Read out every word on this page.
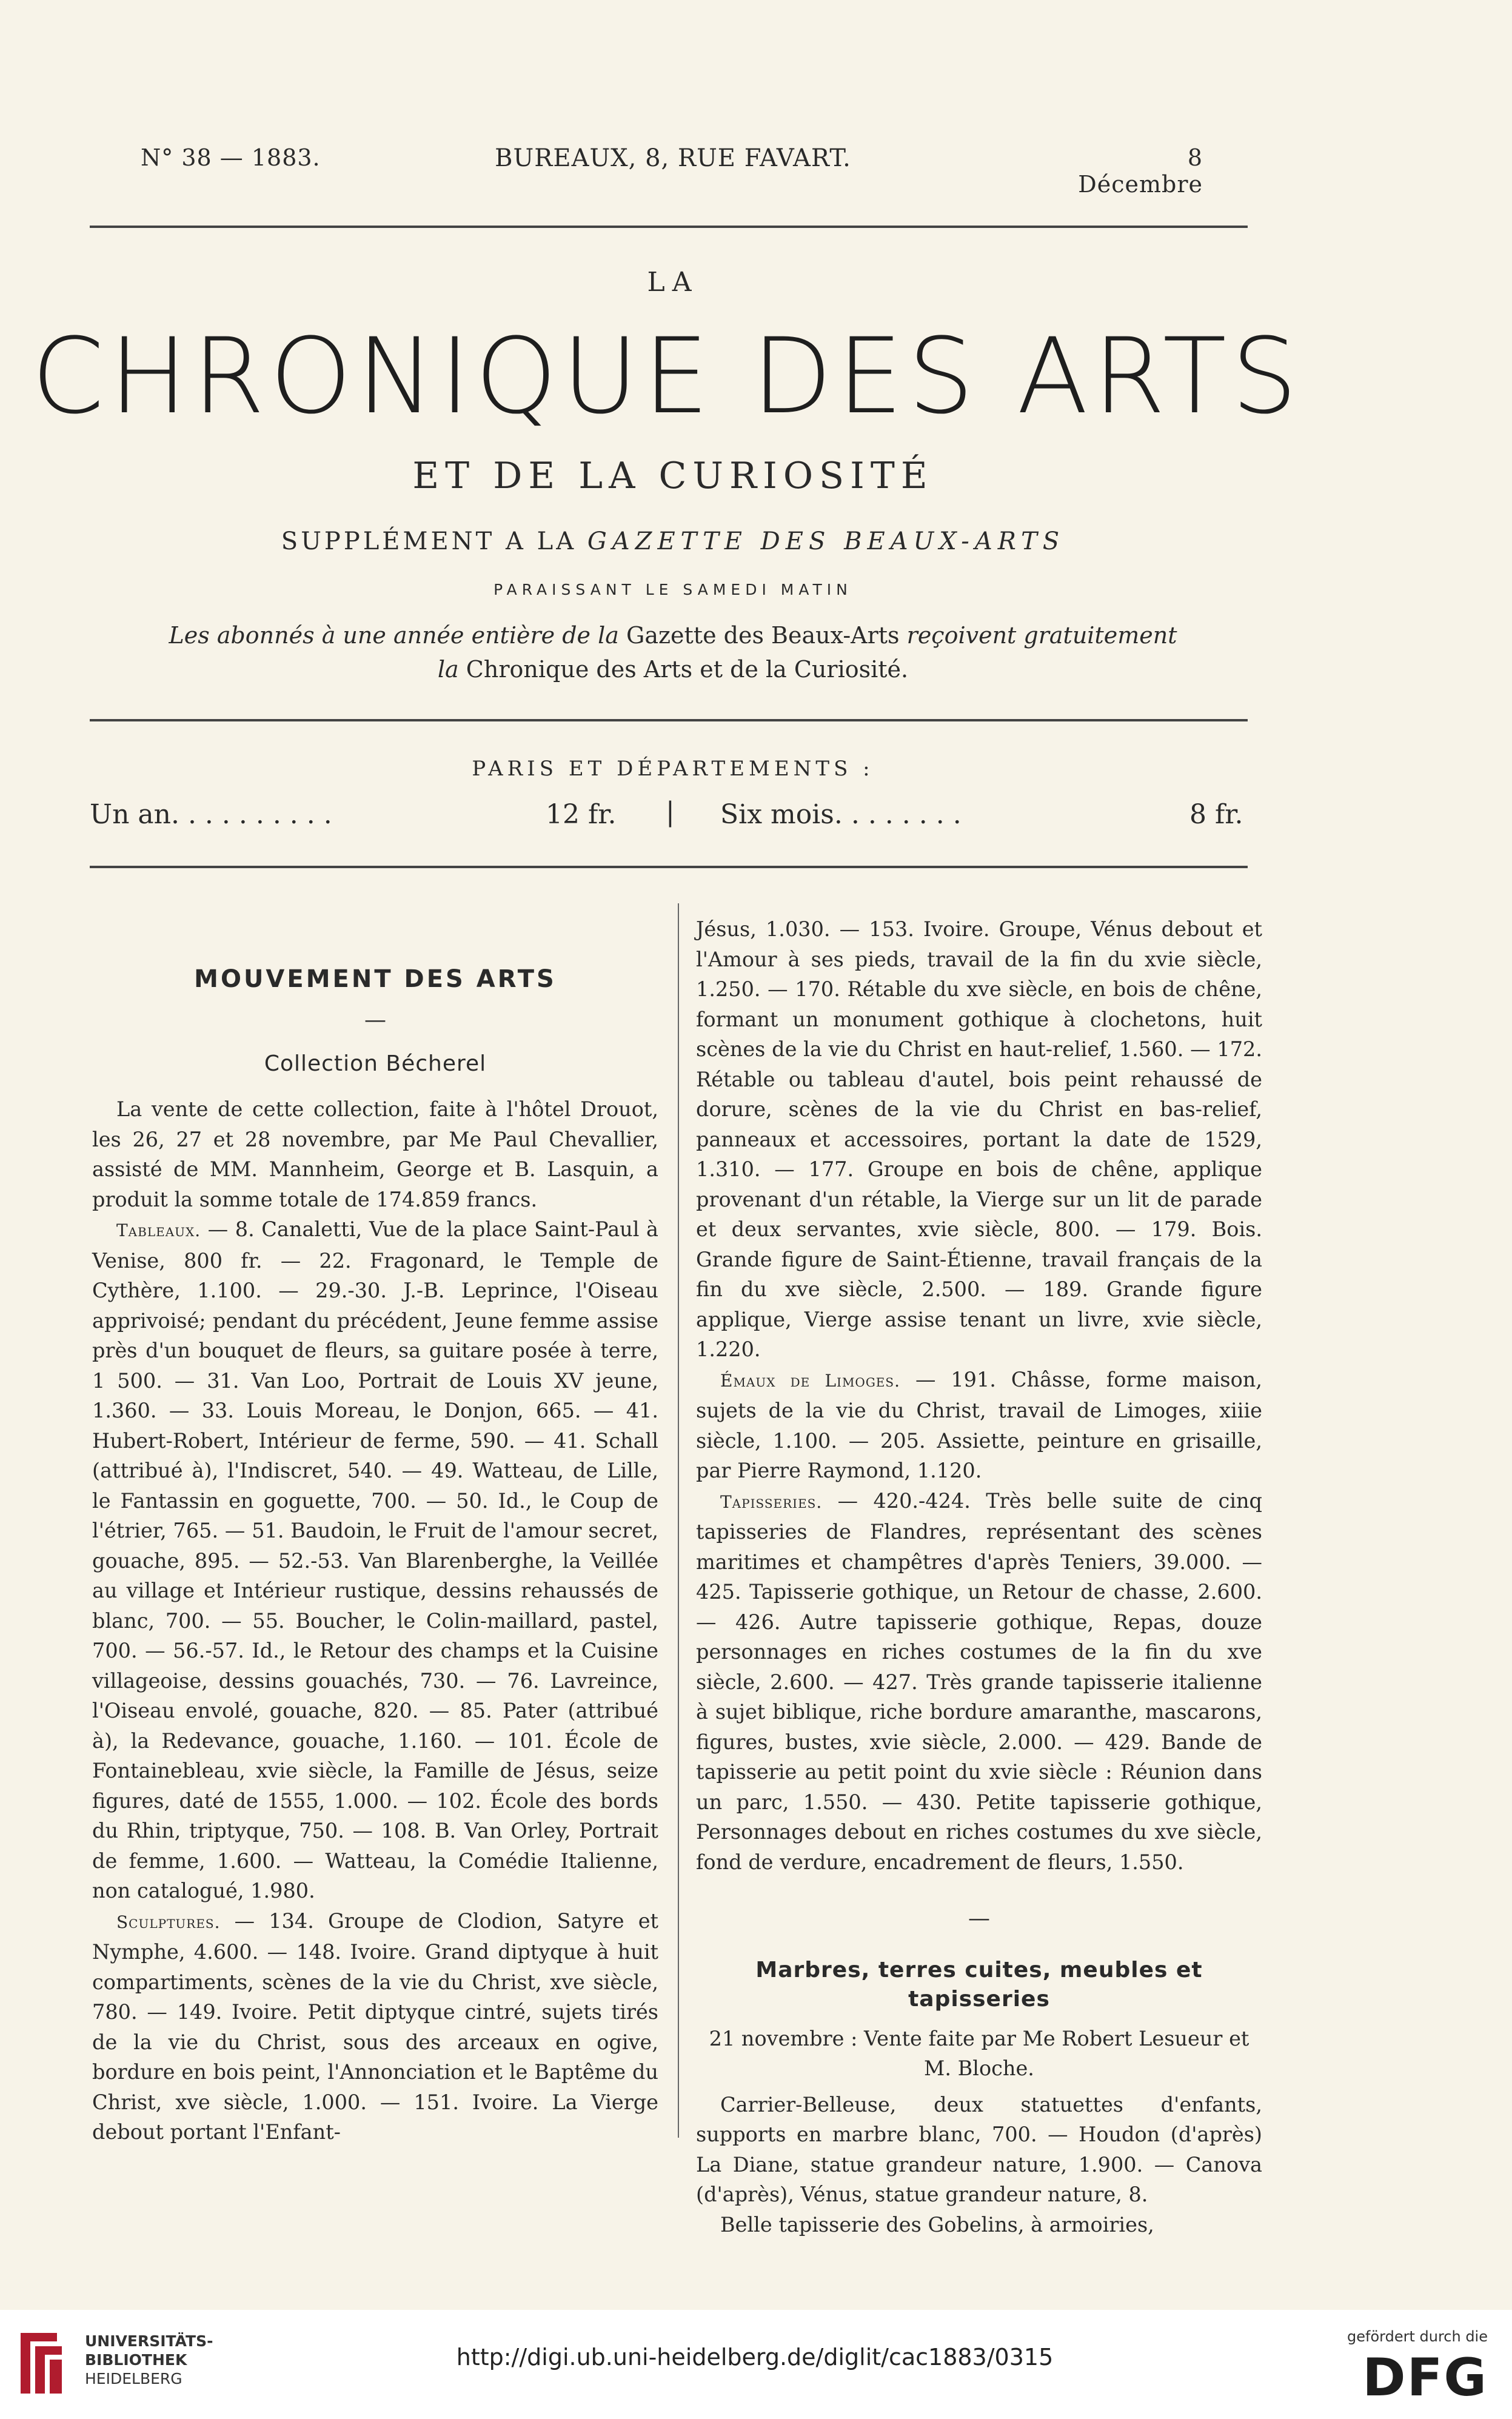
N° 38 — 1883.	BUREAUX, 8, RUE FAVART.	8 Décembre
LA
CHRONIQUE DES ARTS
ET DE LA CURIOSITÉ
SUPPLÉMENT A LA GAZETTE DES BEAUX-ARTS
PARAISSANT LE SAMEDI MATIN
Les abonnés à une année entière de la Gazette des Beaux-Arts reçoivent gratuitement
la Chronique des Arts et de la Curiosité.
PARIS ET DÉPARTEMENTS :
Un an. . . . . . . . . .	12 fr. | Six mois. . . . . . . .	8 fr.
MOUVEMENT DES ARTS
—
Collection Bécherel

La vente de cette collection, faite à l'hôtel Drouot, les 26, 27 et 28 novembre, par Me Paul Chevallier, assisté de MM. Mannheim, George et B. Lasquin, a produit la somme totale de 174.859 francs.

Tableaux. — 8. Canaletti, Vue de la place Saint-Paul à Venise, 800 fr. — 22. Fragonard, le Temple de Cythère, 1.100. — 29.-30. J.-B. Leprince, l'Oiseau apprivoisé; pendant du précédent, Jeune femme assise près d'un bouquet de fleurs, sa guitare posée à terre, 1 500. — 31. Van Loo, Portrait de Louis XV jeune, 1.360. — 33. Louis Moreau, le Donjon, 665. — 41. Hubert-Robert, Intérieur de ferme, 590. — 41. Schall (attribué à), l'Indiscret, 540. — 49. Watteau, de Lille, le Fantassin en goguette, 700. — 50. Id., le Coup de l'étrier, 765. — 51. Baudoin, le Fruit de l'amour secret, gouache, 895. — 52.-53. Van Blarenberghe, la Veillée au village et Intérieur rustique, dessins rehaussés de blanc, 700. — 55. Boucher, le Colin-maillard, pastel, 700. — 56.-57. Id., le Retour des champs et la Cuisine villageoise, dessins gouachés, 730. — 76. Lavreince, l'Oiseau envolé, gouache, 820. — 85. Pater (attribué à), la Redevance, gouache, 1.160. — 101. École de Fontainebleau, xvie siècle, la Famille de Jésus, seize figures, daté de 1555, 1.000. — 102. École des bords du Rhin, triptyque, 750. — 108. B. Van Orley, Portrait de femme, 1.600. — Watteau, la Comédie Italienne, non catalogué, 1.980.

Sculptures. — 134. Groupe de Clodion, Satyre et Nymphe, 4.600. — 148. Ivoire. Grand diptyque à huit compartiments, scènes de la vie du Christ, xve siècle, 780. — 149. Ivoire. Petit diptyque cintré, sujets tirés de la vie du Christ, sous des arceaux en ogive, bordure en bois peint, l'Annonciation et le Baptême du Christ, xve siècle, 1.000. — 151. Ivoire. La Vierge debout portant l'Enfant-

Jésus, 1.030. — 153. Ivoire. Groupe, Vénus debout et l'Amour à ses pieds, travail de la fin du xvie siècle, 1.250. — 170. Rétable du xve siècle, en bois de chêne, formant un monument gothique à clochetons, huit scènes de la vie du Christ en haut-relief, 1.560. — 172. Rétable ou tableau d'autel, bois peint rehaussé de dorure, scènes de la vie du Christ en bas-relief, panneaux et accessoires, portant la date de 1529, 1.310. — 177. Groupe en bois de chêne, applique provenant d'un rétable, la Vierge sur un lit de parade et deux servantes, xvie siècle, 800. — 179. Bois. Grande figure de Saint-Étienne, travail français de la fin du xve siècle, 2.500. — 189. Grande figure applique, Vierge assise tenant un livre, xvie siècle, 1.220.

Émaux de Limoges. — 191. Châsse, forme maison, sujets de la vie du Christ, travail de Limoges, xiiie siècle, 1.100. — 205. Assiette, peinture en grisaille, par Pierre Raymond, 1.120.

Tapisseries. — 420.-424. Très belle suite de cinq tapisseries de Flandres, représentant des scènes maritimes et champêtres d'après Teniers, 39.000. — 425. Tapisserie gothique, un Retour de chasse, 2.600. — 426. Autre tapisserie gothique, Repas, douze personnages en riches costumes de la fin du xve siècle, 2.600. — 427. Très grande tapisserie italienne à sujet biblique, riche bordure amaranthe, mascarons, figures, bustes, xvie siècle, 2.000. — 429. Bande de tapisserie au petit point du xvie siècle : Réunion dans un parc, 1.550. — 430. Petite tapisserie gothique, Personnages debout en riches costumes du xve siècle, fond de verdure, encadrement de fleurs, 1.550.

—
Marbres, terres cuites, meubles et tapisseries

21 novembre : Vente faite par Me Robert Lesueur et M. Bloche.

Carrier-Belleuse, deux statuettes d'enfants, supports en marbre blanc, 700. — Houdon (d'après) La Diane, statue grandeur nature, 1.900. — Canova (d'après), Vénus, statue grandeur nature, 8.

Belle tapisserie des Gobelins, à armoiries,

UNIVERSITÄTS-
BIBLIOTHEK
HEIDELBERG
http://digi.ub.uni-heidelberg.de/diglit/cac1883/0315
gefördert durch die
DFG
